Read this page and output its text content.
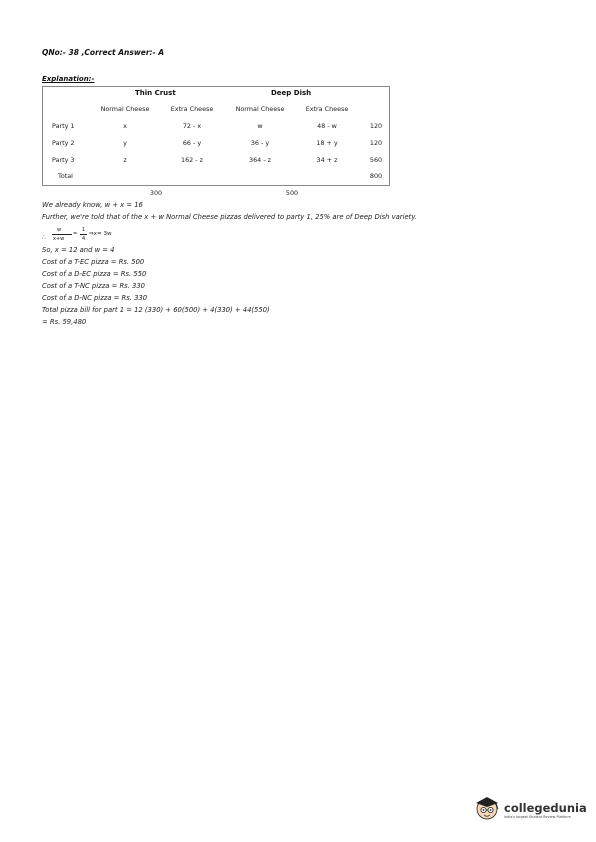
QNo:- 38 ,Correct Answer:- A
Explanation:-
Thin Crust	Deep Dish
Normal Cheese	Extra Cheese	Normal Cheese	Extra Cheese
Party 1	x	72 - x	w	48 - w	120
Party 2	y	66 - y	36 - y	18 + y	120
Party 3	z	162 - z	364 - z	34 + z	560
Total	800
300	500
We already know, w + x = 16
Further, we're told that of the x + w Normal Cheese pizzas delivered to party 1, 25% are of Deep Dish variety.
∴
w
x+w
=
1
4
⇒x= 3w
So, x = 12 and w = 4
Cost of a T-EC pizza = Rs. 500
Cost of a D-EC pizza = Rs. 550
Cost of a T-NC pizza = Rs. 330
Cost of a D-NC pizza = Rs. 330
Total pizza bill for part 1 = 12 (330) + 60(500) + 4(330) + 44(550)
= Rs. 59,480
collegedunia
India's largest Student Review Platform
